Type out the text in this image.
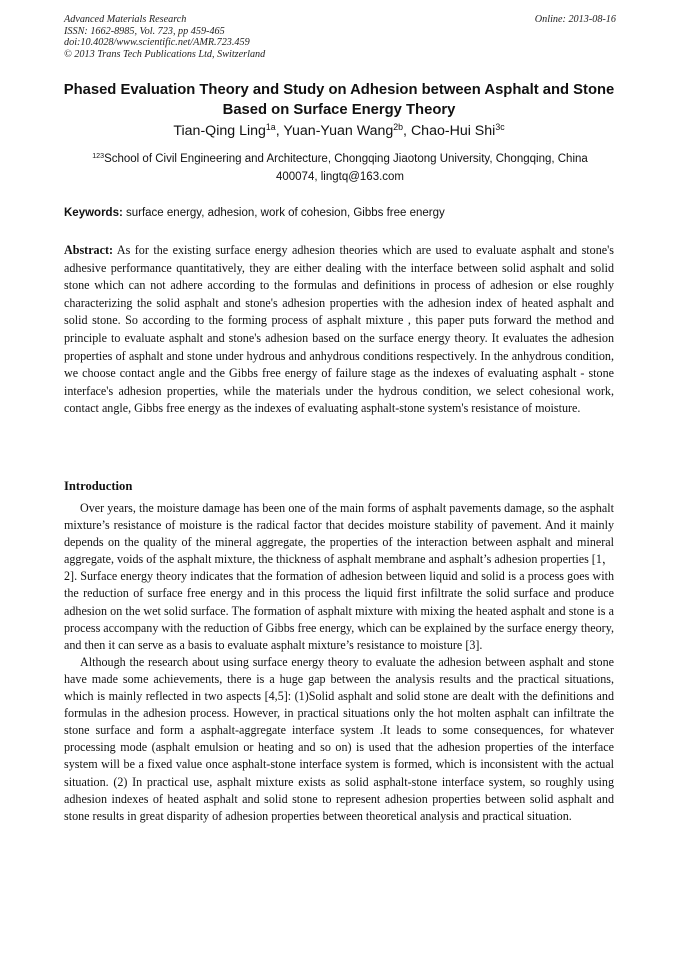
Advanced Materials Research
ISSN: 1662-8985, Vol. 723, pp 459-465
doi:10.4028/www.scientific.net/AMR.723.459
© 2013 Trans Tech Publications Ltd, Switzerland
Online: 2013-08-16
Phased Evaluation Theory and Study on Adhesion between Asphalt and Stone Based on Surface Energy Theory
Tian-Qing Ling$^{1a}$, Yuan-Yuan Wang$^{2b}$, Chao-Hui Shi$^{3c}$
$^{123}$School of Civil Engineering and Architecture, Chongqing Jiaotong University, Chongqing, China
400074, lingtq@163.com
Keywords: surface energy, adhesion, work of cohesion, Gibbs free energy
Abstract: As for the existing surface energy adhesion theories which are used to evaluate asphalt and stone's adhesive performance quantitatively, they are either dealing with the interface between solid asphalt and solid stone which can not adhere according to the formulas and definitions in process of adhesion or else roughly characterizing the solid asphalt and stone's adhesion properties with the adhesion index of heated asphalt and solid stone. So according to the forming process of asphalt mixture , this paper puts forward the method and principle to evaluate asphalt and stone's adhesion based on the surface energy theory. It evaluates the adhesion properties of asphalt and stone under hydrous and anhydrous conditions respectively. In the anhydrous condition, we choose contact angle and the Gibbs free energy of failure stage as the indexes of evaluating asphalt - stone interface's adhesion properties, while the materials under the hydrous condition, we select cohesional work, contact angle, Gibbs free energy as the indexes of evaluating asphalt-stone system's resistance of moisture.
Introduction

Over years, the moisture damage has been one of the main forms of asphalt pavements damage, so the asphalt mixture’s resistance of moisture is the radical factor that decides moisture stability of pavement. And it mainly depends on the quality of the mineral aggregate, the properties of the interaction between asphalt and mineral aggregate, voids of the asphalt mixture, the thickness of asphalt membrane and asphalt’s adhesion properties [1，2]. Surface energy theory indicates that the formation of adhesion between liquid and solid is a process goes with the reduction of surface free energy and in this process the liquid first infiltrate the solid surface and produce adhesion on the wet solid surface. The formation of asphalt mixture with mixing the heated asphalt and stone is a process accompany with the reduction of Gibbs free energy, which can be explained by the surface energy theory, and then it can serve as a basis to evaluate asphalt mixture’s resistance to moisture [3].

Although the research about using surface energy theory to evaluate the adhesion between asphalt and stone have made some achievements, there is a huge gap between the analysis results and the practical situations, which is mainly reflected in two aspects [4,5]: (1)Solid asphalt and solid stone are dealt with the definitions and formulas in the adhesion process. However, in practical situations only the hot molten asphalt can infiltrate the stone surface and form a asphalt-aggregate interface system .It leads to some consequences, for whatever processing mode (asphalt emulsion or heating and so on) is used that the adhesion properties of the interface system will be a fixed value once asphalt-stone interface system is formed, which is inconsistent with the actual situation. (2) In practical use, asphalt mixture exists as solid asphalt-stone interface system, so roughly using adhesion indexes of heated asphalt and solid stone to represent adhesion properties between solid asphalt and stone results in great disparity of adhesion properties between theoretical analysis and practical situation.
